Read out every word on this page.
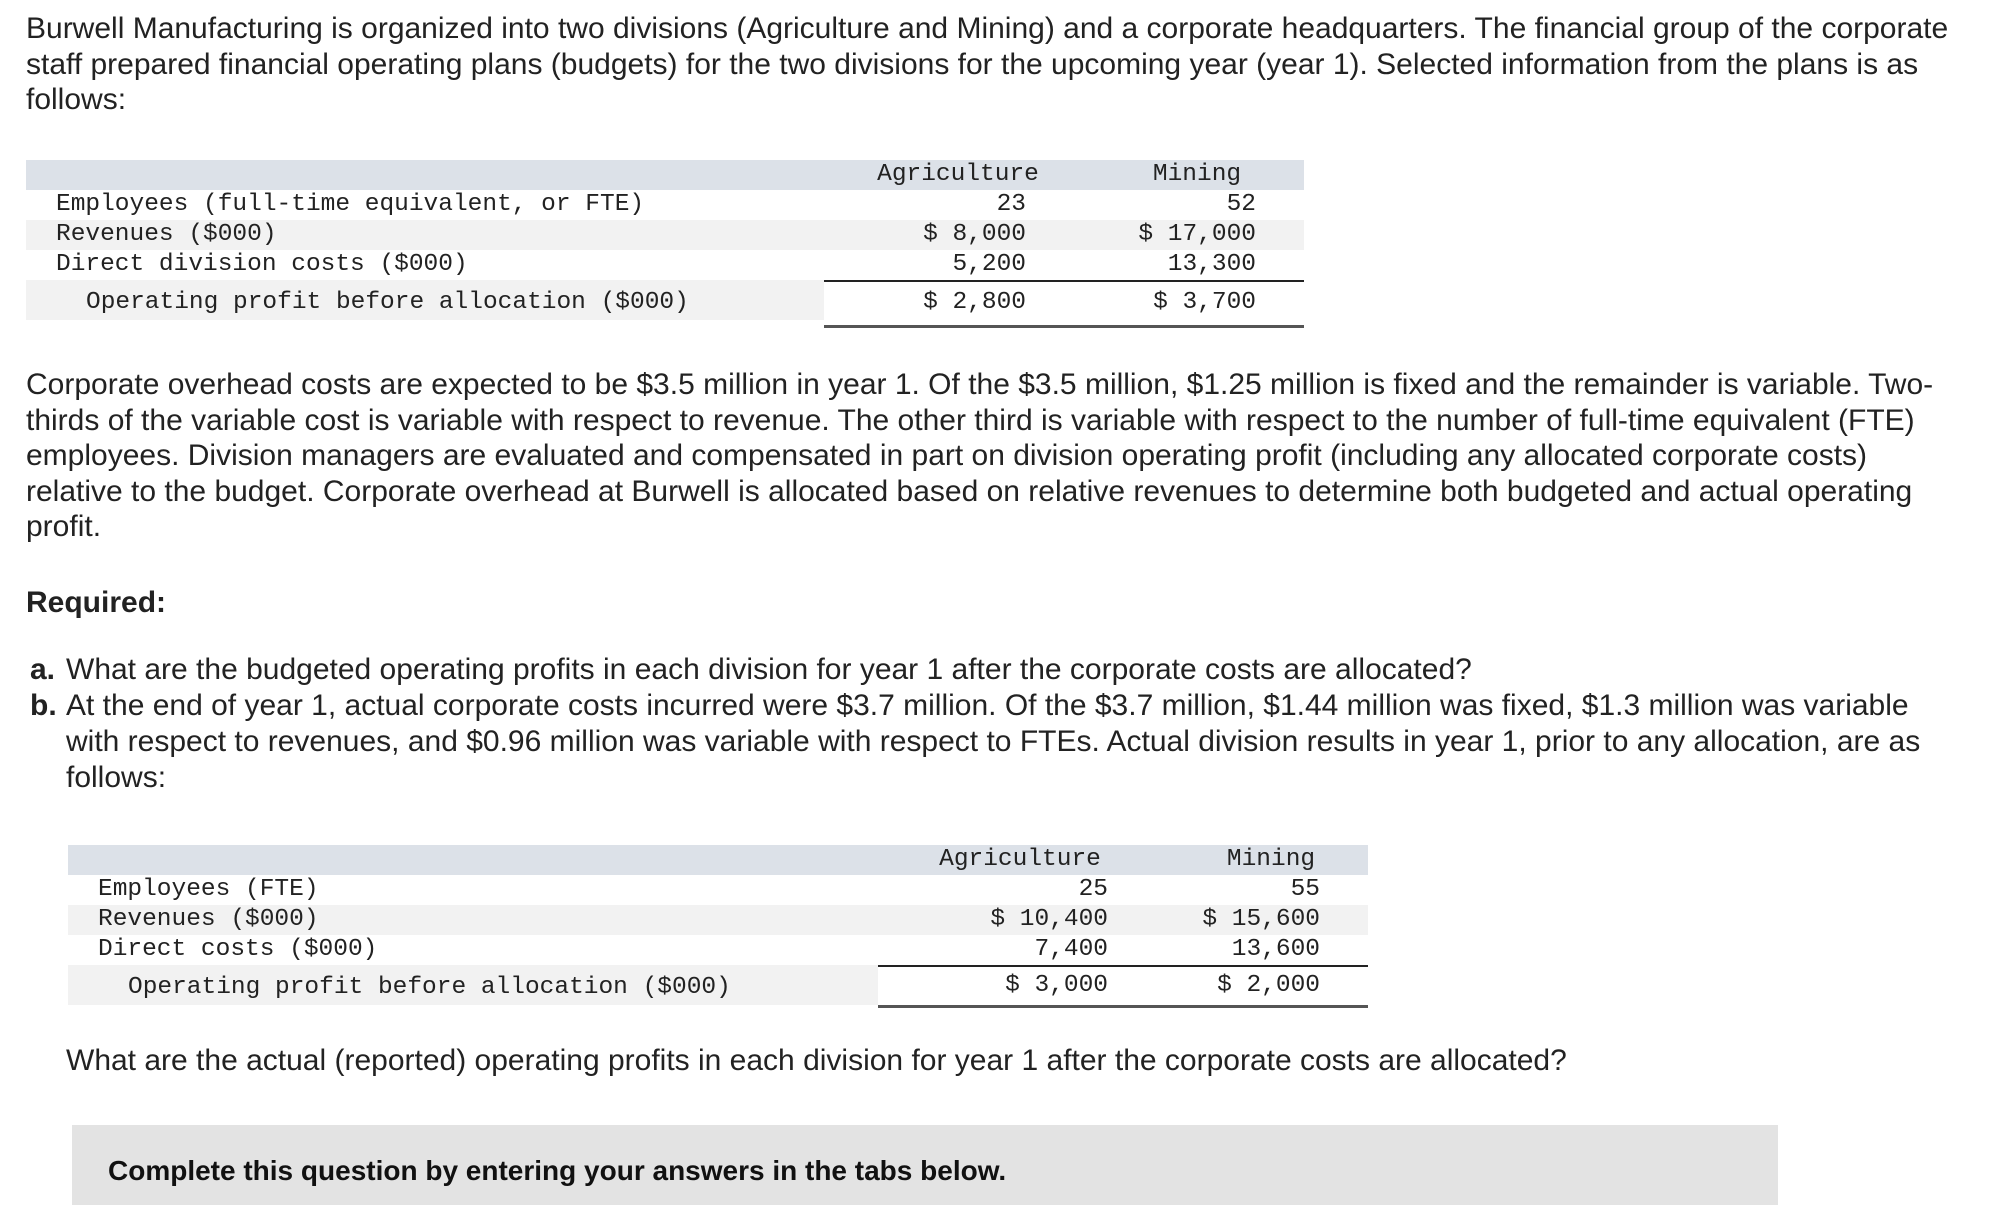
Burwell Manufacturing is organized into two divisions (Agriculture and Mining) and a corporate headquarters. The financial group of the corporate staff prepared financial operating plans (budgets) for the two divisions for the upcoming year (year 1). Selected information from the plans is as follows:

Agriculture	Mining
Employees (full-time equivalent, or FTE)	23	52
Revenues ($000)	$ 8,000	$ 17,000
Direct division costs ($000)	5,200	13,300
Operating profit before allocation ($000)	$ 2,800	$ 3,700

Corporate overhead costs are expected to be $3.5 million in year 1. Of the $3.5 million, $1.25 million is fixed and the remainder is variable. Two-thirds of the variable cost is variable with respect to revenue. The other third is variable with respect to the number of full-time equivalent (FTE) employees. Division managers are evaluated and compensated in part on division operating profit (including any allocated corporate costs) relative to the budget. Corporate overhead at Burwell is allocated based on relative revenues to determine both budgeted and actual operating profit.

Required:

a. What are the budgeted operating profits in each division for year 1 after the corporate costs are allocated?
b. At the end of year 1, actual corporate costs incurred were $3.7 million. Of the $3.7 million, $1.44 million was fixed, $1.3 million was variable with respect to revenues, and $0.96 million was variable with respect to FTEs. Actual division results in year 1, prior to any allocation, are as follows:
Agriculture	Mining
Employees (FTE)	25	55
Revenues ($000)	$ 10,400	$ 15,600
Direct costs ($000)	7,400	13,600
Operating profit before allocation ($000)	$ 3,000	$ 2,000
What are the actual (reported) operating profits in each division for year 1 after the corporate costs are allocated?
Complete this question by entering your answers in the tabs below.
